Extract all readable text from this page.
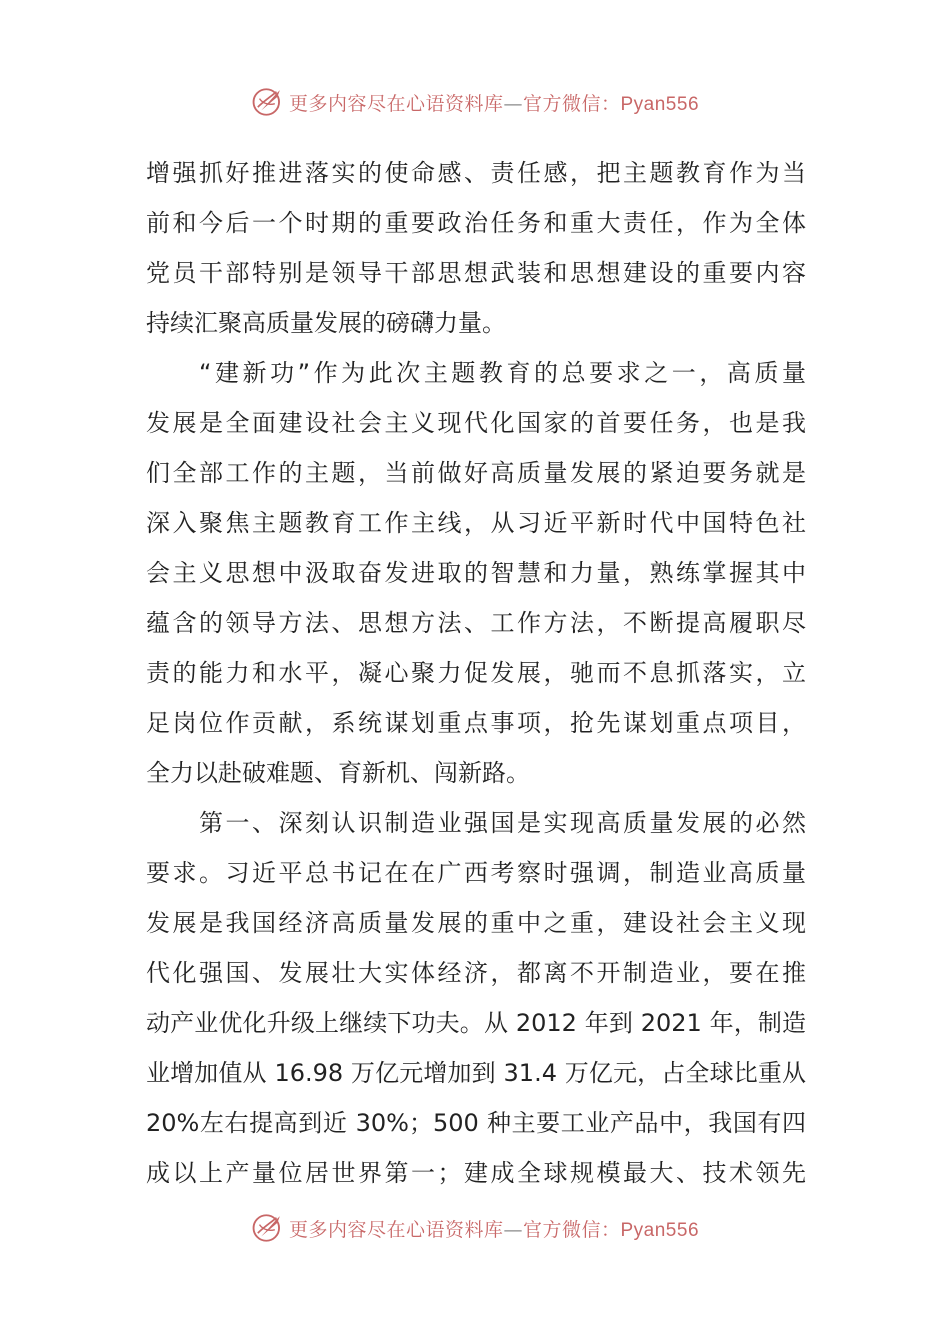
更多内容尽在心语资料库—官方微信：Pyan556
增强抓好推进落实的使命感、责任感，把主题教育作为当
前和今后一个时期的重要政治任务和重大责任，作为全体
党员干部特别是领导干部思想武装和思想建设的重要内容
持续汇聚高质量发展的磅礴力量。
“建新功”作为此次主题教育的总要求之一，高质量
发展是全面建设社会主义现代化国家的首要任务，也是我
们全部工作的主题，当前做好高质量发展的紧迫要务就是
深入聚焦主题教育工作主线，从习近平新时代中国特色社
会主义思想中汲取奋发进取的智慧和力量，熟练掌握其中
蕴含的领导方法、思想方法、工作方法，不断提高履职尽
责的能力和水平，凝心聚力促发展，驰而不息抓落实，立
足岗位作贡献，系统谋划重点事项，抢先谋划重点项目，
全力以赴破难题、育新机、闯新路。
第一、深刻认识制造业强国是实现高质量发展的必然
要求。习近平总书记在在广西考察时强调，制造业高质量
发展是我国经济高质量发展的重中之重，建设社会主义现
代化强国、发展壮大实体经济，都离不开制造业，要在推
动产业优化升级上继续下功夫。从 2012 年到 2021 年，制造
业增加值从 16.98 万亿元增加到 31.4 万亿元，占全球比重从
20%左右提高到近 30%；500 种主要工业产品中，我国有四
成以上产量位居世界第一；建成全球规模最大、技术领先
更多内容尽在心语资料库—官方微信：Pyan556
